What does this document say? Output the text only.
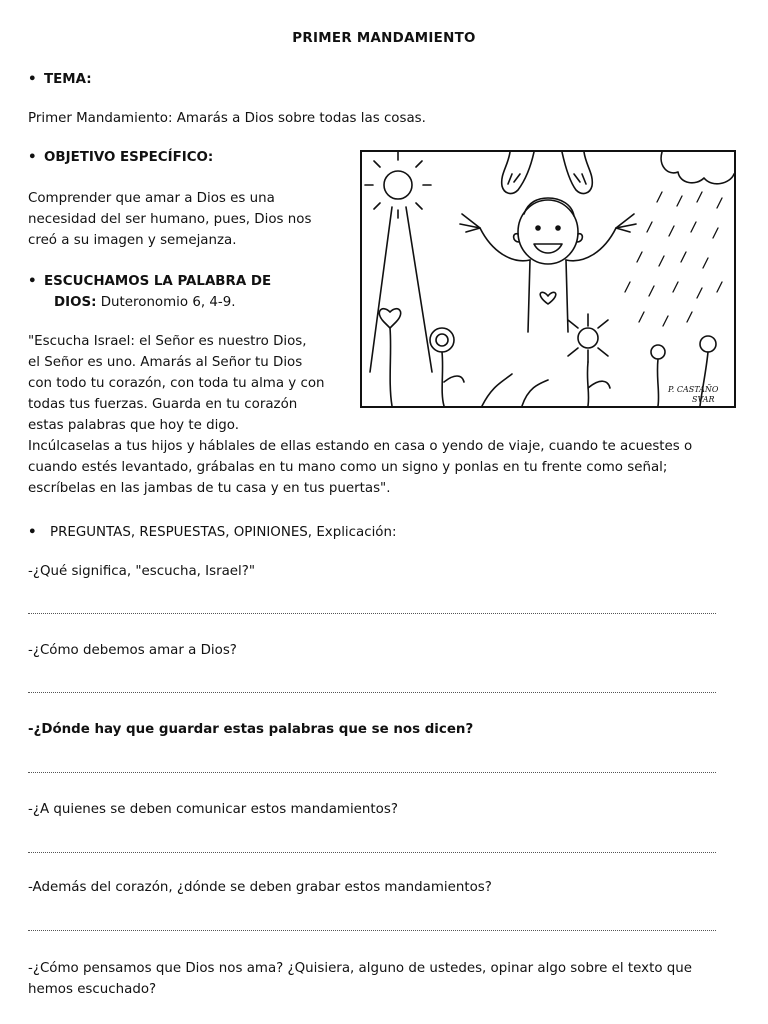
PRIMER MANDAMIENTO
• TEMA:
Primer Mandamiento: Amarás a Dios sobre todas las cosas.
• OBJETIVO ESPECÍFICO:
Comprender que amar a Dios es una
necesidad del ser humano, pues, Dios nos
creó a su imagen y semejanza.
• ESCUCHAMOS LA PALABRA DE
DIOS: Duteronomio 6, 4-9.
"Escucha Israel: el Señor es nuestro Dios,
el Señor es uno. Amarás al Señor tu Dios
con todo tu corazón, con toda tu alma y con
todas tus fuerzas. Guarda en tu corazón
estas palabras que hoy te digo.
Incúlcaselas a tus hijos y háblales de ellas estando en casa o yendo de viaje, cuando te acuestes o
cuando estés levantado, grábalas en tu mano como un signo y ponlas en tu frente como señal;
escríbelas en las jambas de tu casa y en tus puertas".
P. CASTAÑO
SVAR
• PREGUNTAS, RESPUESTAS, OPINIONES, Explicación:
-¿Qué significa, "escucha, Israel?"
-¿Cómo debemos amar a Dios?
-¿Dónde hay que guardar estas palabras que se nos dicen?
-¿A quienes se deben comunicar estos mandamientos?
-Además del corazón, ¿dónde se deben grabar estos mandamientos?
-¿Cómo pensamos que Dios nos ama? ¿Quisiera, alguno de ustedes, opinar algo sobre el texto que
hemos escuchado?
